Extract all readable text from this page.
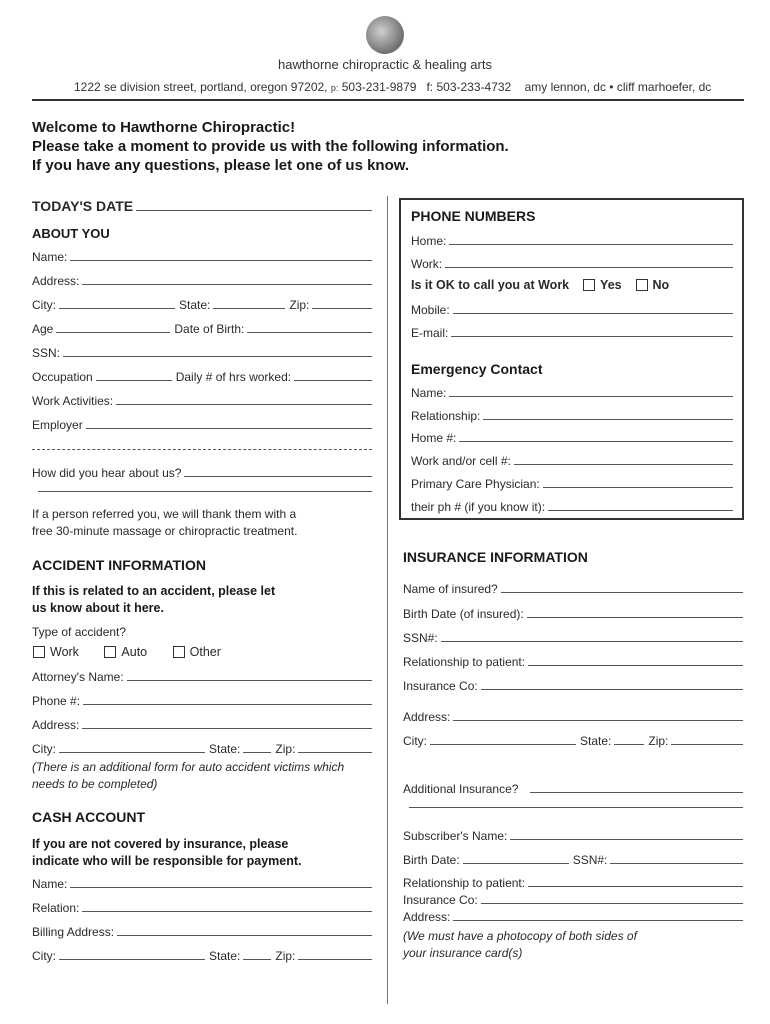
hawthorne chiropractic & healing arts
1222 se division street, portland, oregon 97202, p: 503-231-9879 f: 503-233-4732 amy lennon, dc • cliff marhoefer, dc
Welcome to Hawthorne Chiropractic!
Please take a moment to provide us with the following information.
If you have any questions, please let one of us know.
TODAY'S DATE
ABOUT YOU
Name:
Address:
City:	State:	Zip:
Age	Date of Birth:
SSN:
Occupation	Daily # of hrs worked:
Work Activities:
Employer
How did you hear about us?
If a person referred you, we will thank them with a
free 30-minute massage or chiropractic treatment.
ACCIDENT INFORMATION
If this is related to an accident, please let
us know about it here.
Type of accident?
Work	Auto	Other
Attorney's Name:
Phone #:
Address:
City:	State:	Zip:
(There is an additional form for auto accident victims which
needs to be completed)
CASH ACCOUNT
If you are not covered by insurance, please
indicate who will be responsible for payment.
Name:
Relation:
Billing Address:
City:	State:	Zip:
PHONE NUMBERS
Home:
Work:
Is it OK to call you at Work Yes No
Mobile:
E-mail:
Emergency Contact
Name:
Relationship:
Home #:
Work and/or cell #:
Primary Care Physician:
their ph # (if you know it):
INSURANCE INFORMATION
Name of insured?
Birth Date (of insured):
SSN#:
Relationship to patient:
Insurance Co:
Address:
City:	State:	Zip:
Additional Insurance?
Subscriber's Name:
Birth Date:	SSN#:
Relationship to patient:
Insurance Co:
Address:
(We must have a photocopy of both sides of
your insurance card(s)
